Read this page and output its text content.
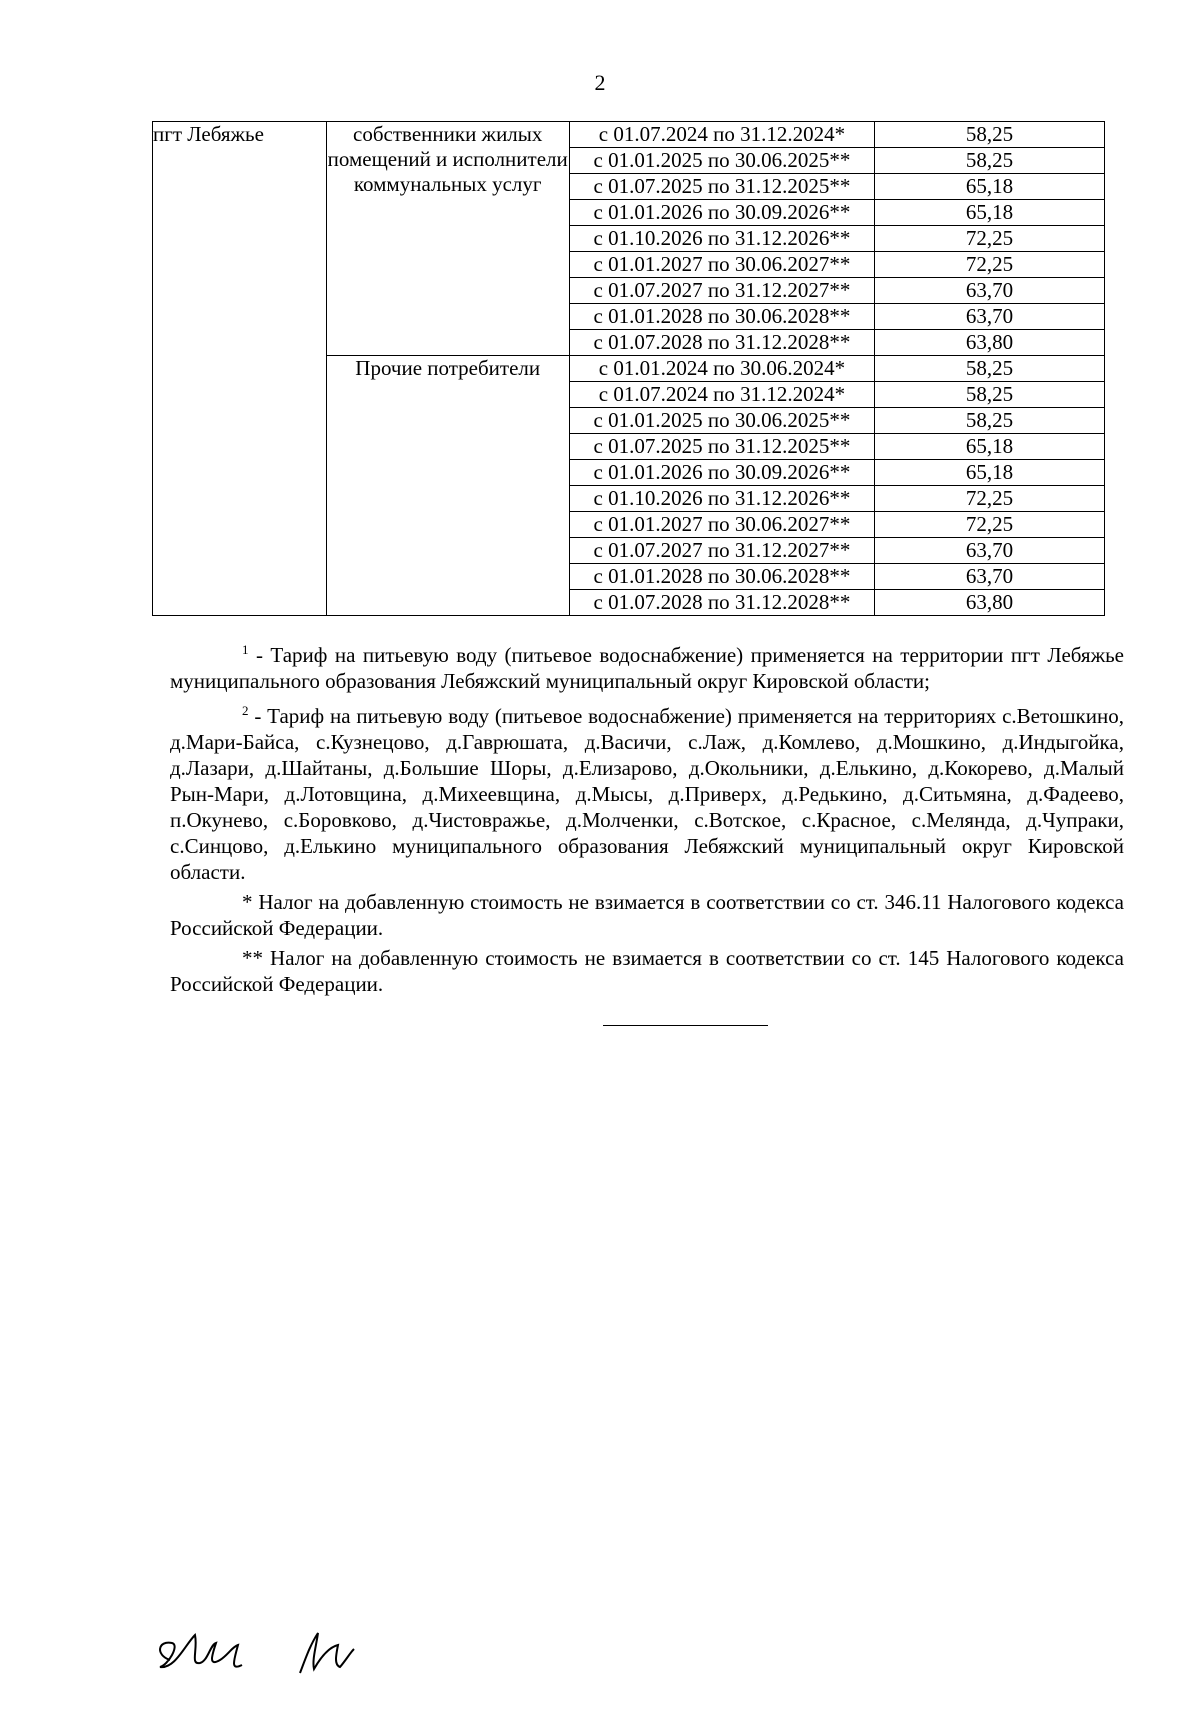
2
пгт Лебяжье	собственники жилых помещений и исполнители коммунальных услуг	с 01.07.2024 по 31.12.2024*	58,25
		с 01.01.2025 по 30.06.2025**	58,25
		с 01.07.2025 по 31.12.2025**	65,18
		с 01.01.2026 по 30.09.2026**	65,18
		с 01.10.2026 по 31.12.2026**	72,25
		с 01.01.2027 по 30.06.2027**	72,25
		с 01.07.2027 по 31.12.2027**	63,70
		с 01.01.2028 по 30.06.2028**	63,70
		с 01.07.2028 по 31.12.2028**	63,80
	Прочие потребители	с 01.01.2024 по 30.06.2024*	58,25
		с 01.07.2024 по 31.12.2024*	58,25
		с 01.01.2025 по 30.06.2025**	58,25
		с 01.07.2025 по 31.12.2025**	65,18
		с 01.01.2026 по 30.09.2026**	65,18
		с 01.10.2026 по 31.12.2026**	72,25
		с 01.01.2027 по 30.06.2027**	72,25
		с 01.07.2027 по 31.12.2027**	63,70
		с 01.01.2028 по 30.06.2028**	63,70
		с 01.07.2028 по 31.12.2028**	63,80

$^1$ - Тариф на питьевую воду (питьевое водоснабжение) применяется на территории пгт Лебяжье муниципального образования Лебяжский муниципальный округ Кировской области;

$^2$ - Тариф на питьевую воду (питьевое водоснабжение) применяется на территориях с.Ветошкино, д.Мари-Байса, с.Кузнецово, д.Гаврюшата, д.Васичи, с.Лаж, д.Комлево, д.Мошкино, д.Индыгойка, д.Лазари, д.Шайтаны, д.Большие Шоры, д.Елизарово, д.Окольники, д.Елькино, д.Кокорево, д.Малый Рын-Мари, д.Лотовщина, д.Михеевщина, д.Мысы, д.Приверх, д.Редькино, д.Ситьмяна, д.Фадеево, п.Окунево, с.Боровково, д.Чистовражье, д.Молченки, с.Вотское, с.Красное, с.Мелянда, д.Чупраки, с.Синцово, д.Елькино муниципального образования Лебяжский муниципальный округ Кировской области.

* Налог на добавленную стоимость не взимается в соответствии со ст. 346.11 Налогового кодекса Российской Федерации.

** Налог на добавленную стоимость не взимается в соответствии со ст. 145 Налогового кодекса Российской Федерации.
